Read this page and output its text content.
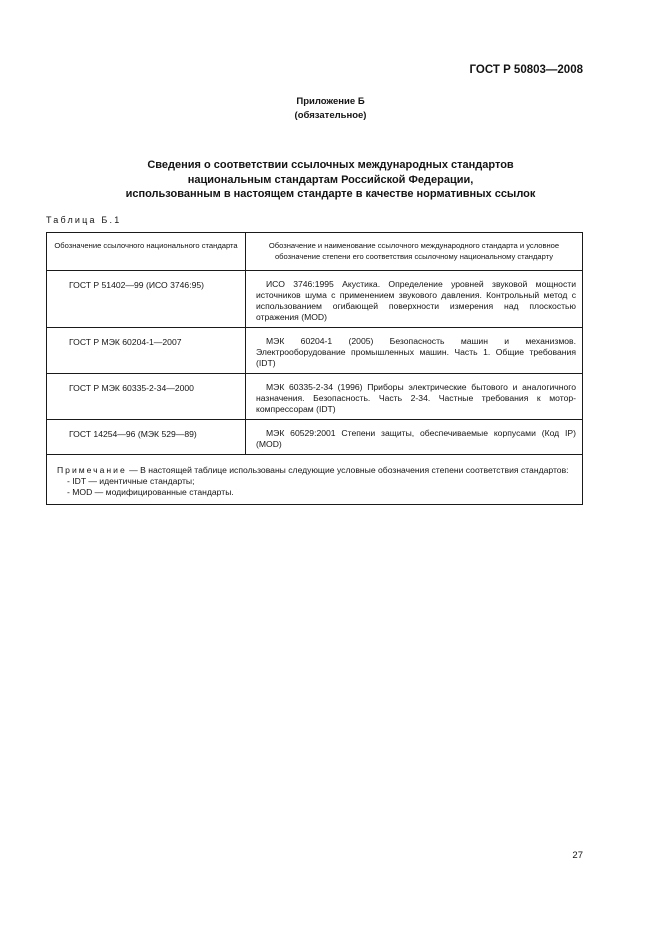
ГОСТ Р 50803—2008
Приложение Б
(обязательное)
Сведения о соответствии ссылочных международных стандартов
национальным стандартам Российской Федерации,
использованным в настоящем стандарте в качестве нормативных ссылок
Таблица Б.1
Обозначение ссылочного национального стандарта	Обозначение и наименование ссылочного международного стандарта и условное обозначение степени его соответствия ссылочному национальному стандарту
ГОСТ Р 51402—99 (ИСО 3746:95)	ИСО 3746:1995 Акустика. Определение уровней звуковой мощности источников шума с применением звукового давления. Контрольный метод с использованием огибающей поверхности измерения над плоскостью отражения (MOD)
ГОСТ Р МЭК 60204-1—2007	МЭК 60204-1 (2005) Безопасность машин и механизмов. Электрооборудование промышленных машин. Часть 1. Общие требования (IDT)
ГОСТ Р МЭК 60335-2-34—2000	МЭК 60335-2-34 (1996) Приборы электрические бытового и аналогичного назначения. Безопасность. Часть 2-34. Частные требования к мотор-компрессорам (IDT)
ГОСТ 14254—96 (МЭК 529—89)	МЭК 60529:2001 Степени защиты, обеспечиваемые корпусами (Код IP) (MOD)

Примечание — В настоящей таблице использованы следующие условные обозначения степени соответствия стандартов:
- IDT — идентичные стандарты;
- MOD — модифицированные стандарты.	
27
